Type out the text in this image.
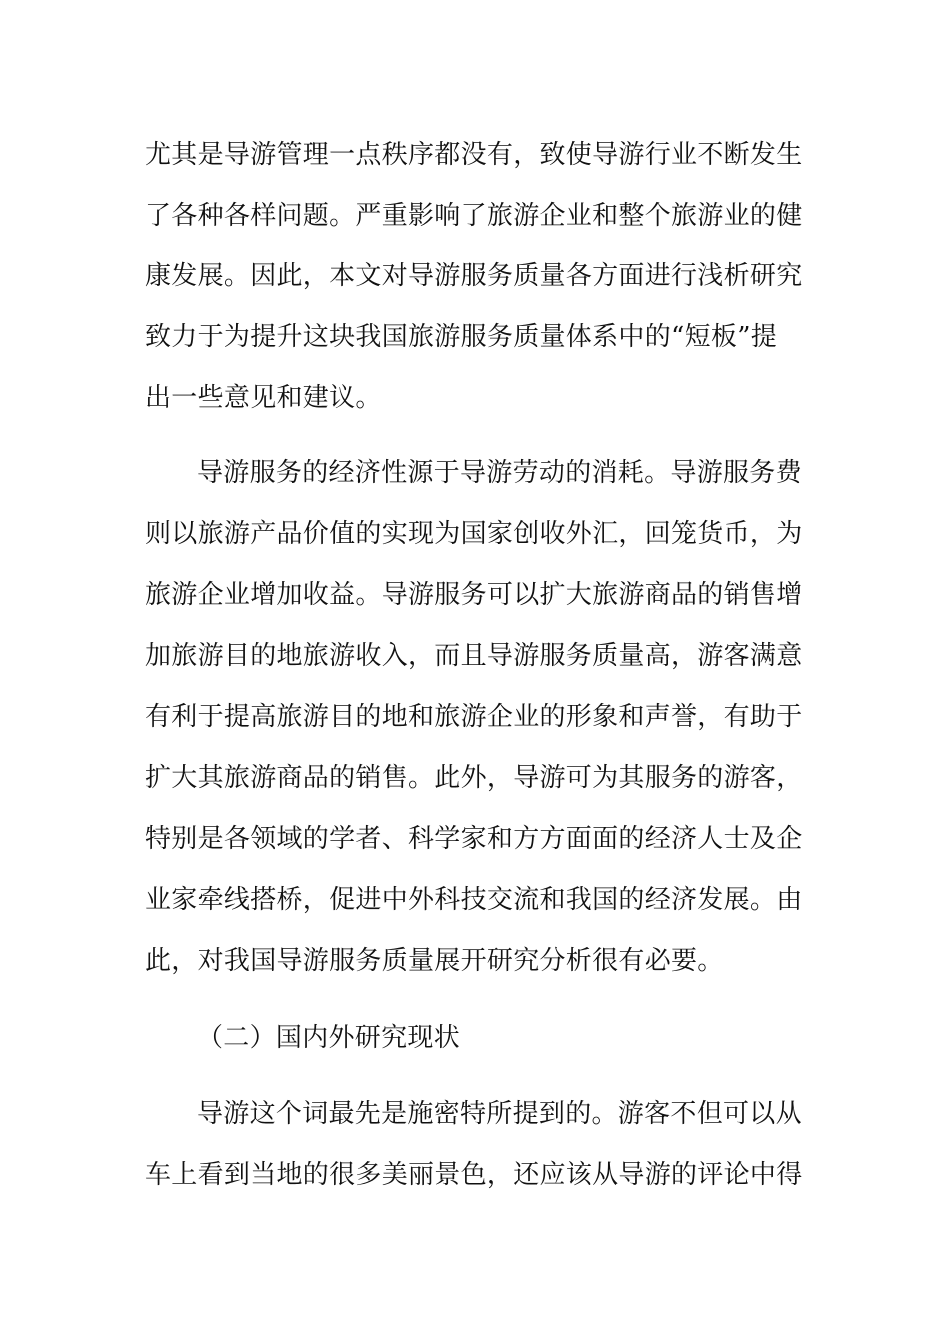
尤其是导游管理一点秩序都没有，致使导游行业不断发生

了各种各样问题。严重影响了旅游企业和整个旅游业的健

康发展。因此，本文对导游服务质量各方面进行浅析研究

致力于为提升这块我国旅游服务质量体系中的“短板”提

出一些意见和建议。

导游服务的经济性源于导游劳动的消耗。导游服务费

则以旅游产品价值的实现为国家创收外汇，回笼货币，为

旅游企业增加收益。导游服务可以扩大旅游商品的销售增

加旅游目的地旅游收入，而且导游服务质量高，游客满意

有利于提高旅游目的地和旅游企业的形象和声誉，有助于

扩大其旅游商品的销售。此外，导游可为其服务的游客，

特别是各领域的学者、科学家和方方面面的经济人士及企

业家牵线搭桥，促进中外科技交流和我国的经济发展。由

此，对我国导游服务质量展开研究分析很有必要。

（二）国内外研究现状

导游这个词最先是施密特所提到的。游客不但可以从

车上看到当地的很多美丽景色，还应该从导游的评论中得
